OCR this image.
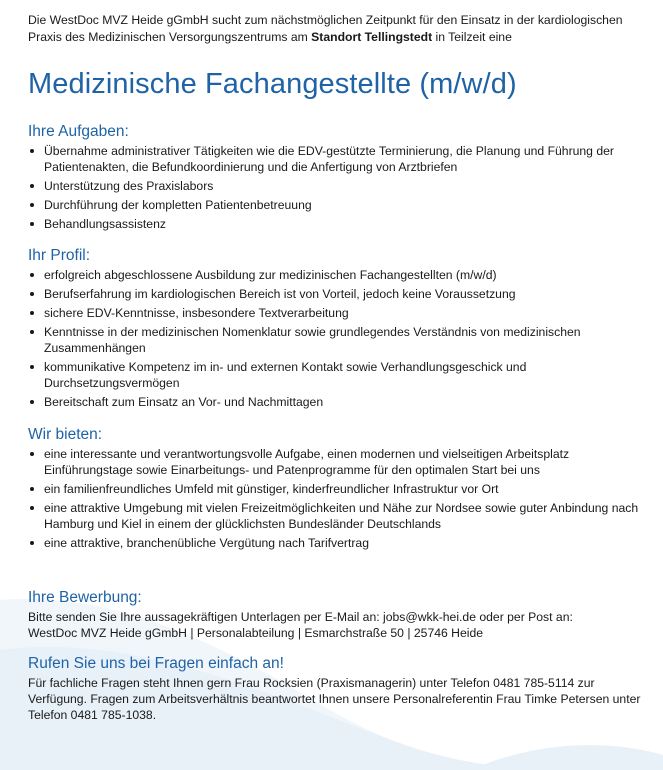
Die WestDoc MVZ Heide gGmbH sucht zum nächstmöglichen Zeitpunkt für den Einsatz in der kardiologischen Praxis des Medizinischen Versorgungszentrums am Standort Tellingstedt in Teilzeit eine

Medizinische Fachangestellte (m/w/d)
Ihre Aufgaben:
Übernahme administrativer Tätigkeiten wie die EDV-gestützte Terminierung, die Planung und Führung der Patientenakten, die Befundkoordinierung und die Anfertigung von Arztbriefen
Unterstützung des Praxislabors
Durchführung der kompletten Patientenbetreuung
Behandlungsassistenz
Ihr Profil:
erfolgreich abgeschlossene Ausbildung zur medizinischen Fachangestellten (m/w/d)
Berufserfahrung im kardiologischen Bereich ist von Vorteil, jedoch keine Voraussetzung
sichere EDV-Kenntnisse, insbesondere Textverarbeitung
Kenntnisse in der medizinischen Nomenklatur sowie grundlegendes Verständnis von medizinischen Zusammenhängen
kommunikative Kompetenz im in- und externen Kontakt sowie Verhandlungsgeschick und Durchsetzungsvermögen
Bereitschaft zum Einsatz an Vor- und Nachmittagen
Wir bieten:
eine interessante und verantwortungsvolle Aufgabe, einen modernen und vielseitigen Arbeitsplatz Einführungstage sowie Einarbeitungs- und Patenprogramme für den optimalen Start bei uns
ein familienfreundliches Umfeld mit günstiger, kinderfreundlicher Infrastruktur vor Ort
eine attraktive Umgebung mit vielen Freizeitmöglichkeiten und Nähe zur Nordsee sowie guter Anbindung nach Hamburg und Kiel in einem der glücklichsten Bundesländer Deutschlands
eine attraktive, branchenübliche Vergütung nach Tarifvertrag
Ihre Bewerbung:

Bitte senden Sie Ihre aussagekräftigen Unterlagen per E-Mail an: jobs@wkk-hei.de oder per Post an:

WestDoc MVZ Heide gGmbH | Personalabteilung | Esmarchstraße 50 | 25746 Heide

Rufen Sie uns bei Fragen einfach an!

Für fachliche Fragen steht Ihnen gern Frau Rocksien (Praxismanagerin) unter Telefon 0481 785-5114 zur Verfügung. Fragen zum Arbeitsverhältnis beantwortet Ihnen unsere Personalreferentin Frau Timke Petersen unter Telefon 0481 785-1038.
